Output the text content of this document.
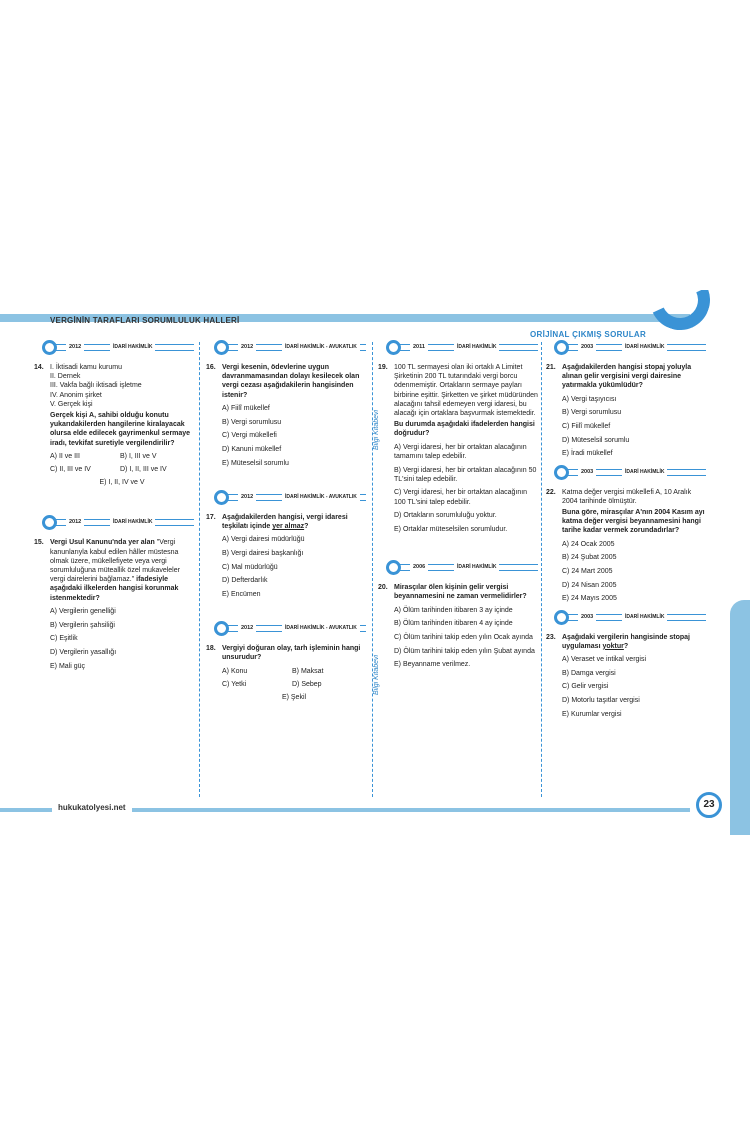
VERGİNİN TARAFLARI SORUMLULUK HALLERİ
ORİJİNAL ÇIKMIŞ SORULAR
Bilgi Kitabevi
Bilgi Kitabevi
2012	İDARİ HAKİMLİK
14. I. İktisadi kamu kurumu
II. Dernek
III. Vakfa bağlı iktisadi işletme
IV. Anonim şirket
V. Gerçek kişi
Gerçek kişi A, sahibi olduğu konutu yukarıdakilerden hangilerine kiralayacak olursa elde edilecek gayrimenkul sermaye iradı, tevkifat suretiyle vergilendirilir?
A) II ve III	B) I, III ve V
C) II, III ve IV	D) I, II, III ve IV
E) I, II, IV ve V
2012	İDARİ HAKİMLİK
15. Vergi Usul Kanunu'nda yer alan "Vergi kanunlarıyla kabul edilen hâller müstesna olmak üzere, mükellefiyete veya vergi sorumluluğuna müteallik özel mukaveleler vergi dairelerini bağlamaz." ifadesiyle aşağıdaki ilkelerden hangisi korunmak istenmektedir?
A) Vergilerin genelliği
B) Vergilerin şahsiliği
C) Eşitlik
D) Vergilerin yasallığı
E) Mali güç
2012	İDARİ HAKİMLİK - AVUKATLIK
16. Vergi kesenin, ödevlerine uygun davranmamasından dolayı kesilecek olan vergi cezası aşağıdakilerin hangisinden istenir?
A) Fiilî mükellef
B) Vergi sorumlusu
C) Vergi mükellefi
D) Kanuni mükellef
E) Müteselsil sorumlu
2012	İDARİ HAKİMLİK - AVUKATLIK
17. Aşağıdakilerden hangisi, vergi idaresi teşkilatı içinde yer almaz?
A) Vergi dairesi müdürlüğü
B) Vergi dairesi başkanlığı
C) Mal müdürlüğü
D) Defterdarlık
E) Encümen
2012	İDARİ HAKİMLİK - AVUKATLIK
18. Vergiyi doğuran olay, tarh işleminin hangi unsurudur?
A) Konu	B) Maksat
C) Yetki	D) Sebep
E) Şekil
2011	İDARİ HAKİMLİK
19. 100 TL sermayesi olan iki ortaklı A Limitet Şirketinin 200 TL tutarındaki vergi borcu ödenmemiştir. Ortakların sermaye payları birbirine eşittir. Şirketten ve şirket müdüründen alacağını tahsil edemeyen vergi idaresi, bu alacağı için ortaklara başvurmak istemektedir.
Bu durumda aşağıdaki ifadelerden hangisi doğrudur?
A) Vergi idaresi, her bir ortaktan alacağının tamamını talep edebilir.
B) Vergi idaresi, her bir ortaktan alacağının 50 TL'sini talep edebilir.
C) Vergi idaresi, her bir ortaktan alacağının 100 TL'sini talep edebilir.
D) Ortakların sorumluluğu yoktur.
E) Ortaklar müteselsilen sorumludur.
2006	İDARİ HAKİMLİK
20. Mirasçılar ölen kişinin gelir vergisi beyannamesini ne zaman vermelidirler?
A) Ölüm tarihinden itibaren 3 ay içinde
B) Ölüm tarihinden itibaren 4 ay içinde
C) Ölüm tarihini takip eden yılın Ocak ayında
D) Ölüm tarihini takip eden yılın Şubat ayında
E) Beyanname verilmez.
2003	İDARİ HAKİMLİK
21. Aşağıdakilerden hangisi stopaj yoluyla alınan gelir vergisini vergi dairesine yatırmakla yükümlüdür?
A) Vergi taşıyıcısı
B) Vergi sorumlusu
C) Fiilî mükellef
D) Müteselsil sorumlu
E) İradi mükellef
2003	İDARİ HAKİMLİK
22. Katma değer vergisi mükellefi A, 10 Aralık 2004 tarihinde ölmüştür.
Buna göre, mirasçılar A'nın 2004 Kasım ayı katma değer vergisi beyannamesini hangi tarihe kadar vermek zorundadırlar?
A) 24 Ocak 2005
B) 24 Şubat 2005
C) 24 Mart 2005
D) 24 Nisan 2005
E) 24 Mayıs 2005
2003	İDARİ HAKİMLİK
23. Aşağıdaki vergilerin hangisinde stopaj uygulaması yoktur?
A) Veraset ve intikal vergisi
B) Damga vergisi
C) Gelir vergisi
D) Motorlu taşıtlar vergisi
E) Kurumlar vergisi
hukukatolyesi.net	23
